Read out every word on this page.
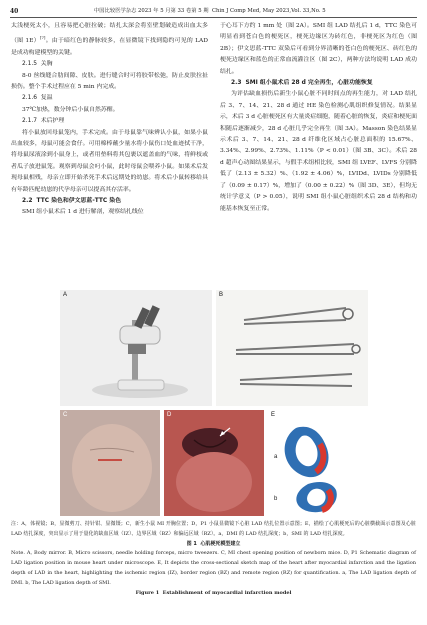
40	中国比较医学杂志 2023 年 5 月第 33 卷第 5 期  Chin J Comp Med, May 2023,Vol. 33,No. 5

太浅梗死太小，且容易把心脏拉破；结扎太深会将室壁划破造成出血太多（图 1E）[7]。由于暗红色的静脉较多，在显微镜下找到隐约可见的 LAD 是成功构建模型的关键。

2.1.5  关胸

8-0 丝线缝合肋间隙、皮肤。进行缝合时可将胶带松弛，防止皮肤拉扯损伤。整个手术过程应在 5 min 内完成。

2.1.6  复温

37℃加热，数分钟后小鼠自然苏醒。

2.1.7  术后护理

将小鼠放回母鼠笼内，手术完成。由于母鼠靠气味辨认小鼠，如果小鼠出血较多，母鼠可能会食仔。可用棉棒蘸少量水将小鼠伤口处血迹拭干净，将母鼠尿液涂到小鼠身上，或者用垫料将其包裹以遮盖血的气味，将鲜枝或者瓜子放进鼠笼。观察到母鼠会叼小鼠，此时母鼠会喂养小鼠。如果术后发现母鼠相残，母亲立即开始杀死手术后远期处的幼崽。将术后小鼠转移给具有年龄匹配幼崽的代孕母亲可以提高其存活率。

2.2  TTC 染色和伊文思蓝-TTC 染色

SMI 组小鼠术后 1 d 进行解剖，观察结扎线位

于心耳下方约 1 mm 处（图 2A）。SMI 组 LAD 结扎后 1 d，TTC 染色可明显看到苍白色的梗死区，梗死边缘区为砖红色，非梗死区为红色（图 2B）；伊文思蓝-TTC 双染后可看到分界清晰的苍白色的梗死区、砖红色的梗死边缘区和蓝色的正常血流灌注区（图 2C），两种方法均说明 LAD 成功结扎。

2.3  SMI 组小鼠术后 28 d 完全再生，心脏功能恢复

为评估缺血损伤后新生小鼠心脏不同时间点的再生能力，对 LAD 结扎后 3、7、14、21、28 d 通过 HE 染色检测心肌组织修复情况。结果显示，术后 3 d 心脏梗死区有大量炎症细胞，随着心脏的恢复，炎症和梗死面积随后逐渐减少，28 d 心脏几乎完全再生（图 3A）。Masson 染色结果显示术后 3、7、14、21、28 d 纤维化区域占心脏总面积的 15.67%、3.34%、2.99%、2.73%、1.11%（P < 0.01）（图 3B、3C）。术后 28 d 超声心动图结果显示，与假手术组相比较，SMI 组 LVEF、LVFS 分别降低了（2.13 ± 5.32）%、（1.92 ± 4.06）%，LVIDd、LVIDs 分别降低了（0.09 ± 0.17）%，增加了（0.00 ± 0.22）%（图 3D、3E），但均无统计学意义（P > 0.05），说明 SMI 组小鼠心脏组织术后 28 d 结构和功能基本恢复至正常。

A	B
C	D	E
a
b

注：A，体视镜；B，显微剪刀、持针钳、显微镊；C，新生小鼠 MI 开胸位置；D，P1 小鼠显微镜下心脏 LAD 结扎位置示意图；E，描绘了心肌梗死后的心脏横截面示意图及心脏 LAD 结扎深度，突出显示了用于量化的缺血区域（IZ）、边界区域（BZ）和偏远区域（RZ）。a，DMI 的 LAD 结扎深度；b，SMI 的 LAD 结扎深度。

图 1  心肌梗死模型建立

Note. A, Body mirror. B, Micro scissors, needle holding forceps, micro tweezers. C, MI chest opening position of newborn mice. D, P1 Schematic diagram of LAD ligation position in mouse heart under microscope. E, It depicts the cross-sectional sketch map of the heart after myocardial infarction and the ligation depth of LAD in the heart, highlighting the ischemic region (IZ), border region (BZ) and remote region (RZ) for quantification. a, The LAD ligation depth of DMI. b, The LAD ligation depth of SMI.

Figure 1  Establishment of myocardial infarction model
